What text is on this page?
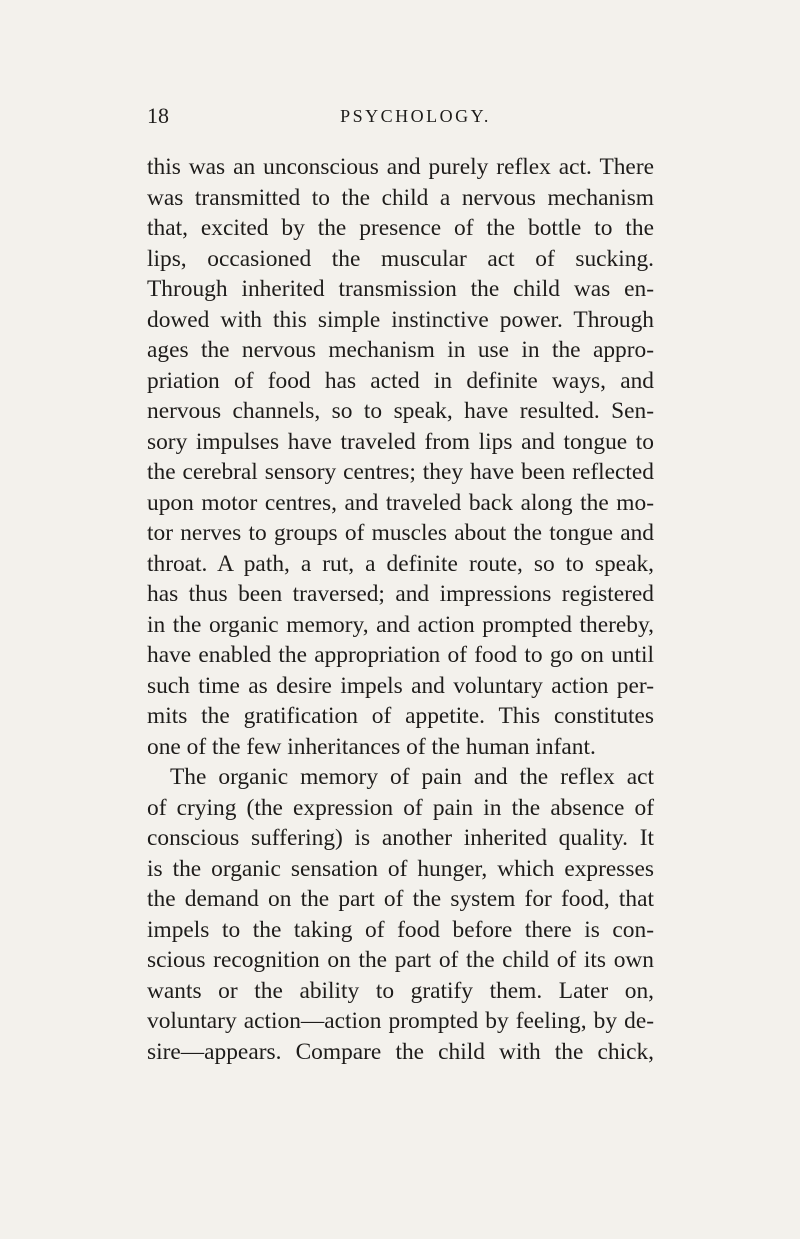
18	PSYCHOLOGY.
this was an unconscious and purely reflex act. There
was transmitted to the child a nervous mechanism
that, excited by the presence of the bottle to the
lips, occasioned the muscular act of sucking.
Through inherited transmission the child was en-
dowed with this simple instinctive power. Through
ages the nervous mechanism in use in the appro-
priation of food has acted in definite ways, and
nervous channels, so to speak, have resulted. Sen-
sory impulses have traveled from lips and tongue to
the cerebral sensory centres; they have been reflected
upon motor centres, and traveled back along the mo-
tor nerves to groups of muscles about the tongue and
throat. A path, a rut, a definite route, so to speak,
has thus been traversed; and impressions registered
in the organic memory, and action prompted thereby,
have enabled the appropriation of food to go on until
such time as desire impels and voluntary action per-
mits the gratification of appetite. This constitutes
one of the few inheritances of the human infant.
The organic memory of pain and the reflex act
of crying (the expression of pain in the absence of
conscious suffering) is another inherited quality. It
is the organic sensation of hunger, which expresses
the demand on the part of the system for food, that
impels to the taking of food before there is con-
scious recognition on the part of the child of its own
wants or the ability to gratify them. Later on,
voluntary action—action prompted by feeling, by de-
sire—appears. Compare the child with the chick,
